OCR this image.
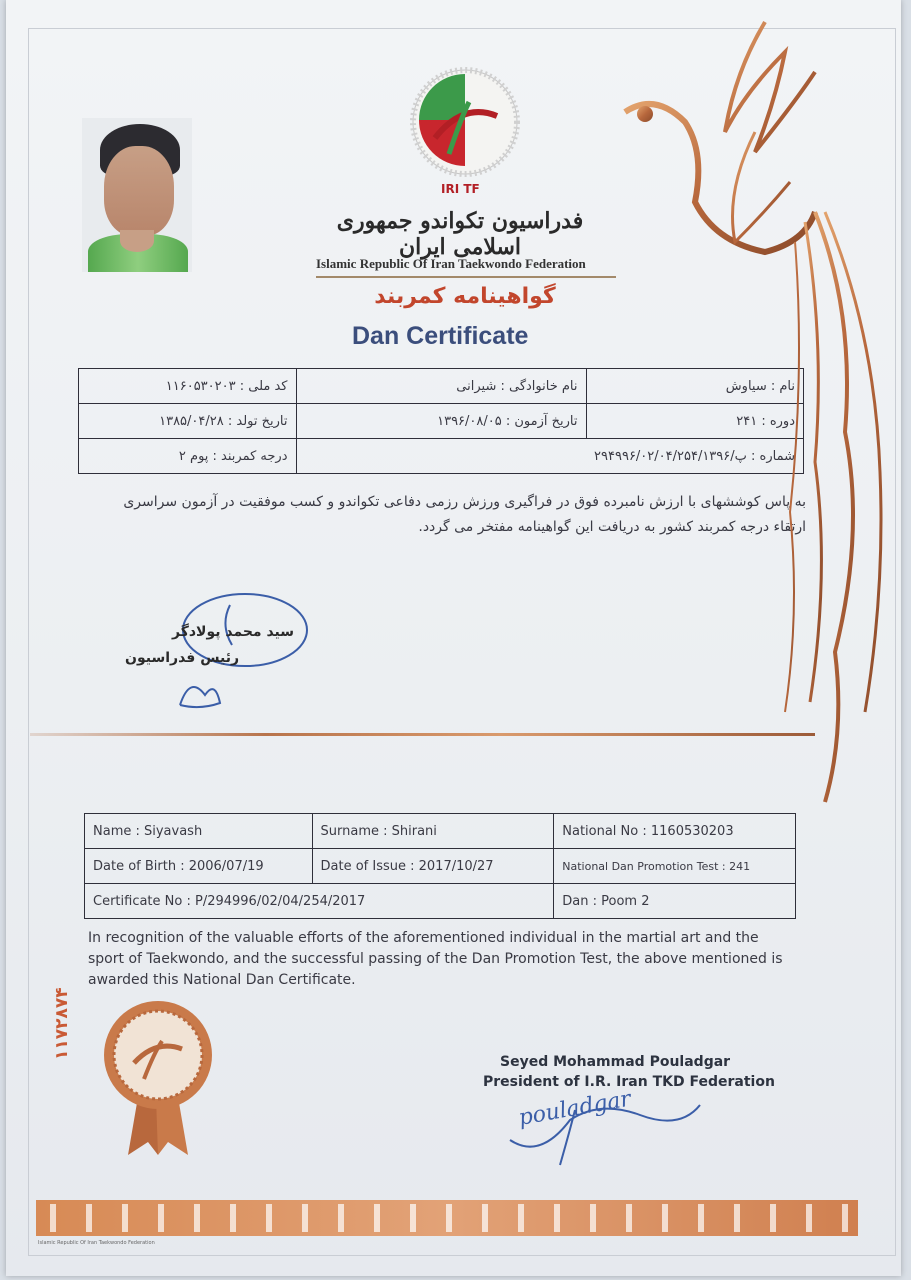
IRI TF
فدراسیون تکواندو جمهوری اسلامی ایران
Islamic Republic Of Iran Taekwondo Federation
گواهینامه کمربند
Dan Certificate
نام : سیاوش	نام خانوادگی : شیرانی	کد ملی : ۱۱۶۰۵۳۰۲۰۳
دوره : ۲۴۱	تاریخ آزمون : ۱۳۹۶/۰۸/۰۵	تاریخ تولد : ۱۳۸۵/۰۴/۲۸
شماره : پ/۲۹۴۹۹۶/۰۲/۰۴/۲۵۴/۱۳۹۶		درجه کمربند : پوم ۲
به پاس کوششهای با ارزش نامبرده فوق در فراگیری ورزش رزمی دفاعی تکواندو و کسب موفقیت در آزمون سراسری ارتقاء درجه کمربند کشور به دریافت این گواهینامه مفتخر می گردد.
سید محمد پولادگر
رئیس فدراسیون
Name : Siyavash	Surname : Shirani	National No : 1160530203
Date of Birth : 2006/07/19	Date of Issue : 2017/10/27	National Dan Promotion Test : 241
Certificate No : P/294996/02/04/254/2017		Dan : Poom 2
In recognition of the valuable efforts of the aforementioned individual in the martial art and the sport of Taekwondo, and the successful passing of the Dan Promotion Test, the above mentioned is awarded this National Dan Certificate.
۱۱۷۲۸۷۴
Seyed Mohammad Pouladgar
President of I.R. Iran TKD Federation
pouladgar
Islamic Republic Of Iran Taekwondo Federation
